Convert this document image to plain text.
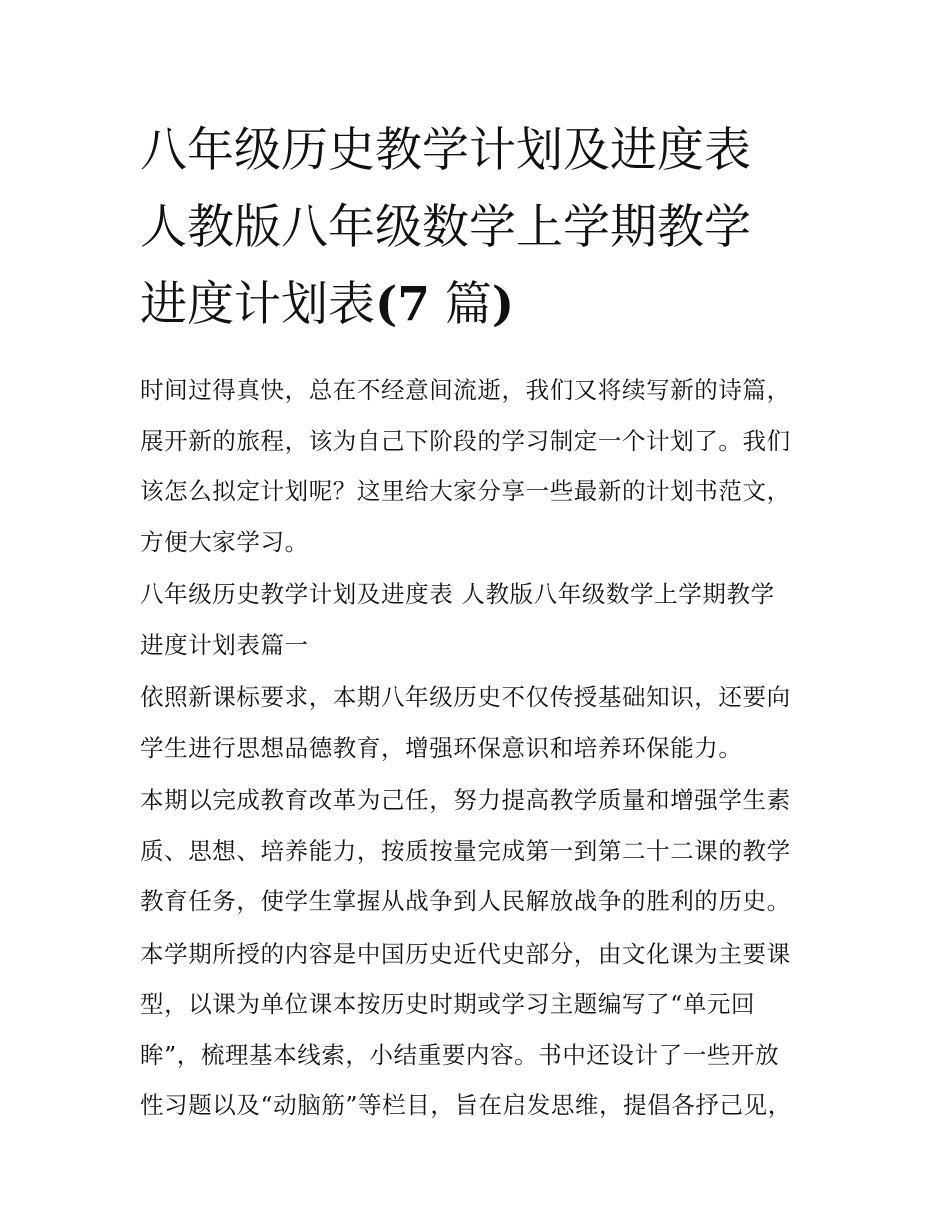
八年级历史教学计划及进度表
人教版八年级数学上学期教学
进度计划表(7 篇)

时间过得真快，总在不经意间流逝，我们又将续写新的诗篇，
展开新的旅程，该为自己下阶段的学习制定一个计划了。我们
该怎么拟定计划呢？这里给大家分享一些最新的计划书范文，
方便大家学习。

八年级历史教学计划及进度表 人教版八年级数学上学期教学
进度计划表篇一

依照新课标要求，本期八年级历史不仅传授基础知识，还要向
学生进行思想品德教育，增强环保意识和培养环保能力。

本期以完成教育改革为己任，努力提高教学质量和增强学生素
质、思想、培养能力，按质按量完成第一到第二十二课的教学
教育任务，使学生掌握从战争到人民解放战争的胜利的历史。

本学期所授的内容是中国历史近代史部分，由文化课为主要课
型，以课为单位课本按历史时期或学习主题编写了“单元回
眸”，梳理基本线索，小结重要内容。书中还设计了一些开放
性习题以及“动脑筋”等栏目，旨在启发思维，提倡各抒己见，
